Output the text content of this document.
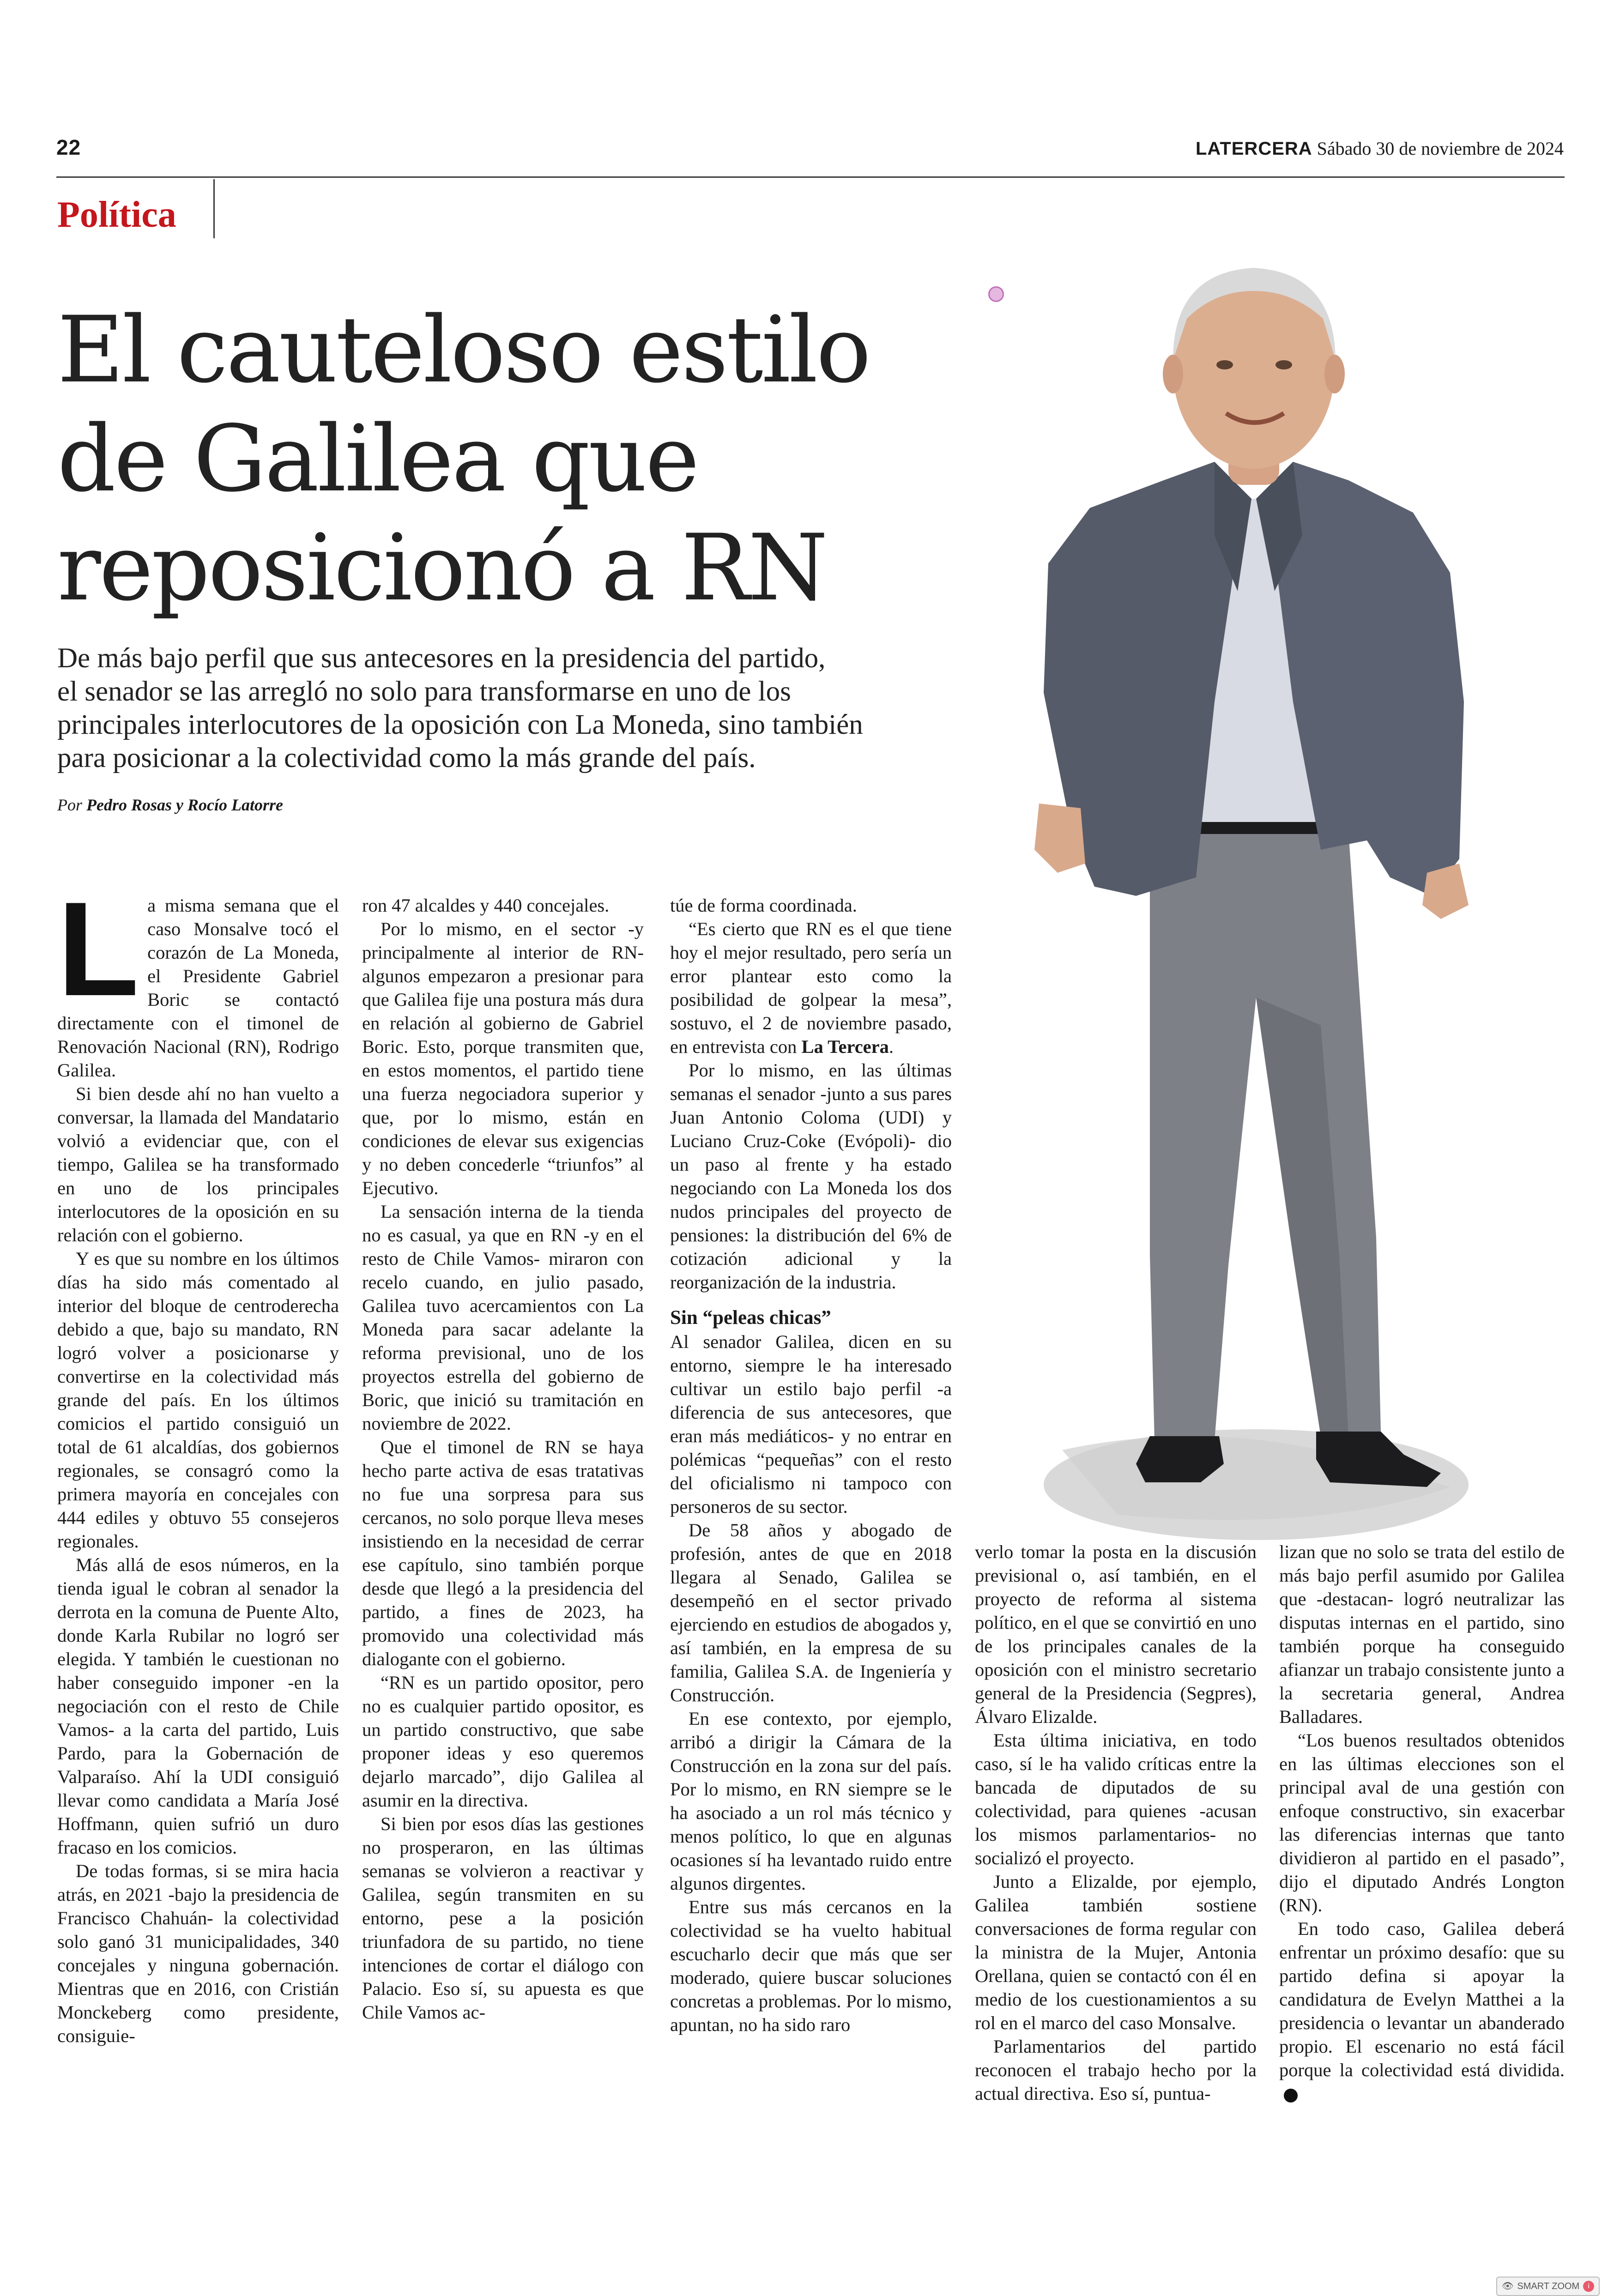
22	LATERCERA Sábado 30 de noviembre de 2024
Política
El cauteloso estilo
de Galilea que
reposicionó a RN
De más bajo perfil que sus antecesores en la presidencia del partido,
el senador se las arregló no solo para transformarse en uno de los
principales interlocutores de la oposición con La Moneda, sino también
para posicionar a la colectividad como la más grande del país.
Por Pedro Rosas y Rocío Latorre
L a misma semana que el caso Monsalve tocó el corazón de La Moneda, el Presidente Gabriel Boric se contactó directamente con el timonel de Renovación Nacional (RN), Rodrigo Galilea.

Si bien desde ahí no han vuelto a conversar, la llamada del Mandatario volvió a evidenciar que, con el tiempo, Galilea se ha transformado en uno de los principales interlocutores de la oposición en su relación con el gobierno.

Y es que su nombre en los últimos días ha sido más comentado al interior del bloque de centroderecha debido a que, bajo su mandato, RN logró volver a posicionarse y convertirse en la colectividad más grande del país. En los últimos comicios el partido consiguió un total de 61 alcaldías, dos gobiernos regionales, se consagró como la primera mayoría en concejales con 444 ediles y obtuvo 55 consejeros regionales.

Más allá de esos números, en la tienda igual le cobran al senador la derrota en la comuna de Puente Alto, donde Karla Rubilar no logró ser elegida. Y también le cuestionan no haber conseguido imponer -en la negociación con el resto de Chile Vamos- a la carta del partido, Luis Pardo, para la Gobernación de Valparaíso. Ahí la UDI consiguió llevar como candidata a María José Hoffmann, quien sufrió un duro fracaso en los comicios.

De todas formas, si se mira hacia atrás, en 2021 -bajo la presidencia de Francisco Chahuán- la colectividad solo ganó 31 municipalidades, 340 concejales y ninguna gobernación. Mientras que en 2016, con Cristián Monckeberg como presidente, consiguie-

ron 47 alcaldes y 440 concejales.

Por lo mismo, en el sector -y principalmente al interior de RN- algunos empezaron a presionar para que Galilea fije una postura más dura en relación al gobierno de Gabriel Boric. Esto, porque transmiten que, en estos momentos, el partido tiene una fuerza negociadora superior y que, por lo mismo, están en condiciones de elevar sus exigencias y no deben concederle “triunfos” al Ejecutivo.

La sensación interna de la tienda no es casual, ya que en RN -y en el resto de Chile Vamos- miraron con recelo cuando, en julio pasado, Galilea tuvo acercamientos con La Moneda para sacar adelante la reforma previsional, uno de los proyectos estrella del gobierno de Boric, que inició su tramitación en noviembre de 2022.

Que el timonel de RN se haya hecho parte activa de esas tratativas no fue una sorpresa para sus cercanos, no solo porque lleva meses insistiendo en la necesidad de cerrar ese capítulo, sino también porque desde que llegó a la presidencia del partido, a fines de 2023, ha promovido una colectividad más dialogante con el gobierno.

“RN es un partido opositor, pero no es cualquier partido opositor, es un partido constructivo, que sabe proponer ideas y eso queremos dejarlo marcado”, dijo Galilea al asumir en la directiva.

Si bien por esos días las gestiones no prosperaron, en las últimas semanas se volvieron a reactivar y Galilea, según transmiten en su entorno, pese a la posición triunfadora de su partido, no tiene intenciones de cortar el diálogo con Palacio. Eso sí, su apuesta es que Chile Vamos ac-

túe de forma coordinada.

“Es cierto que RN es el que tiene hoy el mejor resultado, pero sería un error plantear esto como la posibilidad de golpear la mesa”, sostuvo, el 2 de noviembre pasado, en entrevista con La Tercera.

Por lo mismo, en las últimas semanas el senador -junto a sus pares Juan Antonio Coloma (UDI) y Luciano Cruz-Coke (Evópoli)- dio un paso al frente y ha estado negociando con La Moneda los dos nudos principales del proyecto de pensiones: la distribución del 6% de cotización adicional y la reorganización de la industria.

Sin “peleas chicas”

Al senador Galilea, dicen en su entorno, siempre le ha interesado cultivar un estilo bajo perfil -a diferencia de sus antecesores, que eran más mediáticos- y no entrar en polémicas “pequeñas” con el resto del oficialismo ni tampoco con personeros de su sector.

De 58 años y abogado de profesión, antes de que en 2018 llegara al Senado, Galilea se desempeñó en el sector privado ejerciendo en estudios de abogados y, así también, en la empresa de su familia, Galilea S.A. de Ingeniería y Construcción.

En ese contexto, por ejemplo, arribó a dirigir la Cámara de la Construcción en la zona sur del país. Por lo mismo, en RN siempre se le ha asociado a un rol más técnico y menos político, lo que en algunas ocasiones sí ha levantado ruido entre algunos dirgentes.

Entre sus más cercanos en la colectividad se ha vuelto habitual escucharlo decir que más que ser moderado, quiere buscar soluciones concretas a problemas. Por lo mismo, apuntan, no ha sido raro

verlo tomar la posta en la discusión previsional o, así también, en el proyecto de reforma al sistema político, en el que se convirtió en uno de los principales canales de la oposición con el ministro secretario general de la Presidencia (Segpres), Álvaro Elizalde.

Esta última iniciativa, en todo caso, sí le ha valido críticas entre la bancada de diputados de su colectividad, para quienes -acusan los mismos parlamentarios- no socializó el proyecto.

Junto a Elizalde, por ejemplo, Galilea también sostiene conversaciones de forma regular con la ministra de la Mujer, Antonia Orellana, quien se contactó con él en medio de los cuestionamientos a su rol en el marco del caso Monsalve.

Parlamentarios del partido reconocen el trabajo hecho por la actual directiva. Eso sí, puntua-

lizan que no solo se trata del estilo de más bajo perfil asumido por Galilea que -destacan- logró neutralizar las disputas internas en el partido, sino también porque ha conseguido afianzar un trabajo consistente junto a la secretaria general, Andrea Balladares.

“Los buenos resultados obtenidos en las últimas elecciones son el principal aval de una gestión con enfoque constructivo, sin exacerbar las diferencias internas que tanto dividieron al partido en el pasado”, dijo el diputado Andrés Longton (RN).

En todo caso, Galilea deberá enfrentar un próximo desafío: que su partido defina si apoyar la candidatura de Evelyn Matthei a la presidencia o levantar un abanderado propio. El escenario no está fácil porque la colectividad está dividida.

👁 SMART ZOOM	i
